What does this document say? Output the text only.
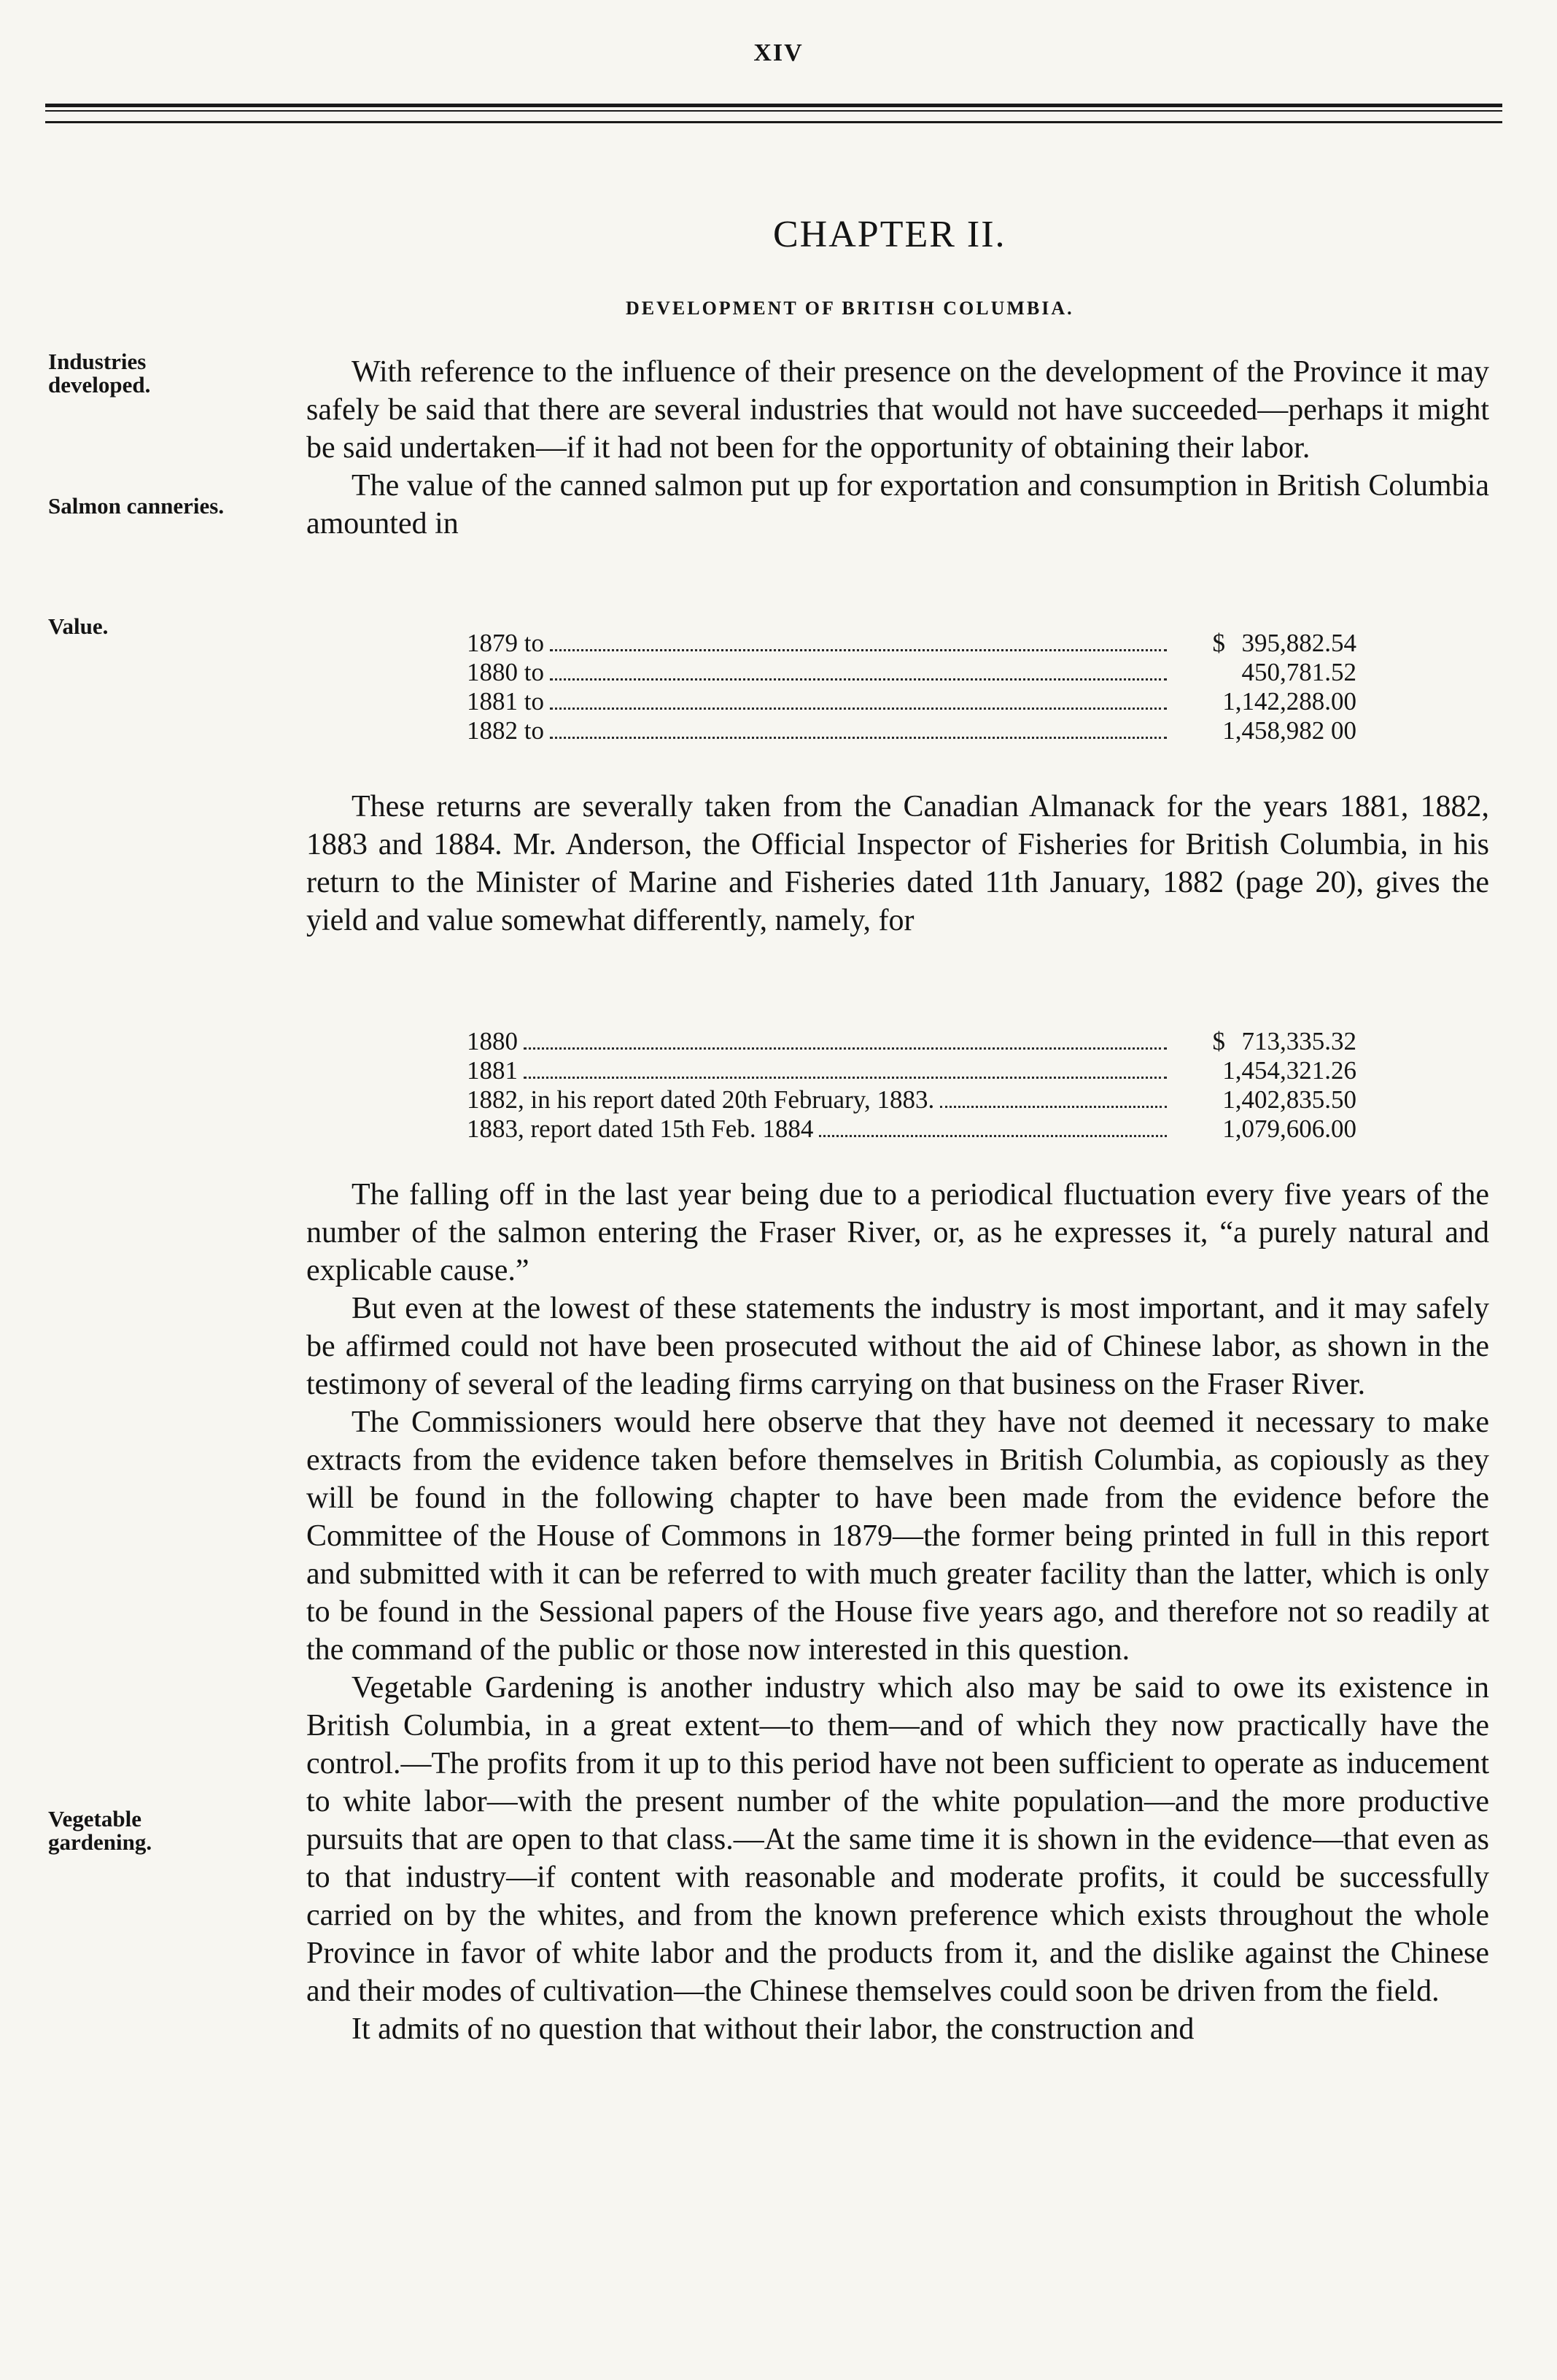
XIV
CHAPTER II.
DEVELOPMENT OF BRITISH COLUMBIA.
Industries developed.
Salmon canneries.
Value.
Vegetable gardening.

With reference to the influence of their presence on the development of the Province it may safely be said that there are several industries that would not have succeeded—perhaps it might be said undertaken—if it had not been for the opportunity of obtaining their labor.

The value of the canned salmon put up for exportation and consumption in British Columbia amounted in

1879 to	$ 395,882.54
1880 to	450,781.52
1881 to	1,142,288.00
1882 to	1,458,982 00

These returns are severally taken from the Canadian Almanack for the years 1881, 1882, 1883 and 1884. Mr. Anderson, the Official Inspector of Fisheries for British Columbia, in his return to the Minister of Marine and Fisheries dated 11th January, 1882 (page 20), gives the yield and value somewhat differently, namely, for

1880	$ 713,335.32
1881	1,454,321.26
1882, in his report dated 20th February, 1883.	1,402,835.50
1883, report dated 15th Feb. 1884	1,079,606.00

The falling off in the last year being due to a periodical fluctuation every five years of the number of the salmon entering the Fraser River, or, as he expresses it, “a purely natural and explicable cause.”

But even at the lowest of these statements the industry is most important, and it may safely be affirmed could not have been prosecuted without the aid of Chinese labor, as shown in the testimony of several of the leading firms carrying on that business on the Fraser River.

The Commissioners would here observe that they have not deemed it necessary to make extracts from the evidence taken before themselves in British Columbia, as copiously as they will be found in the following chapter to have been made from the evidence before the Committee of the House of Commons in 1879—the former being printed in full in this report and submitted with it can be referred to with much greater facility than the latter, which is only to be found in the Sessional papers of the House five years ago, and therefore not so readily at the command of the public or those now interested in this question.

Vegetable Gardening is another industry which also may be said to owe its existence in British Columbia, in a great extent—to them—and of which they now practically have the control.—The profits from it up to this period have not been sufficient to operate as inducement to white labor—with the present number of the white population—and the more productive pursuits that are open to that class.—At the same time it is shown in the evidence—that even as to that industry—if content with reasonable and moderate profits, it could be successfully carried on by the whites, and from the known preference which exists throughout the whole Province in favor of white labor and the products from it, and the dislike against the Chinese and their modes of cultivation—the Chinese themselves could soon be driven from the field.

It admits of no question that without their labor, the construction and
